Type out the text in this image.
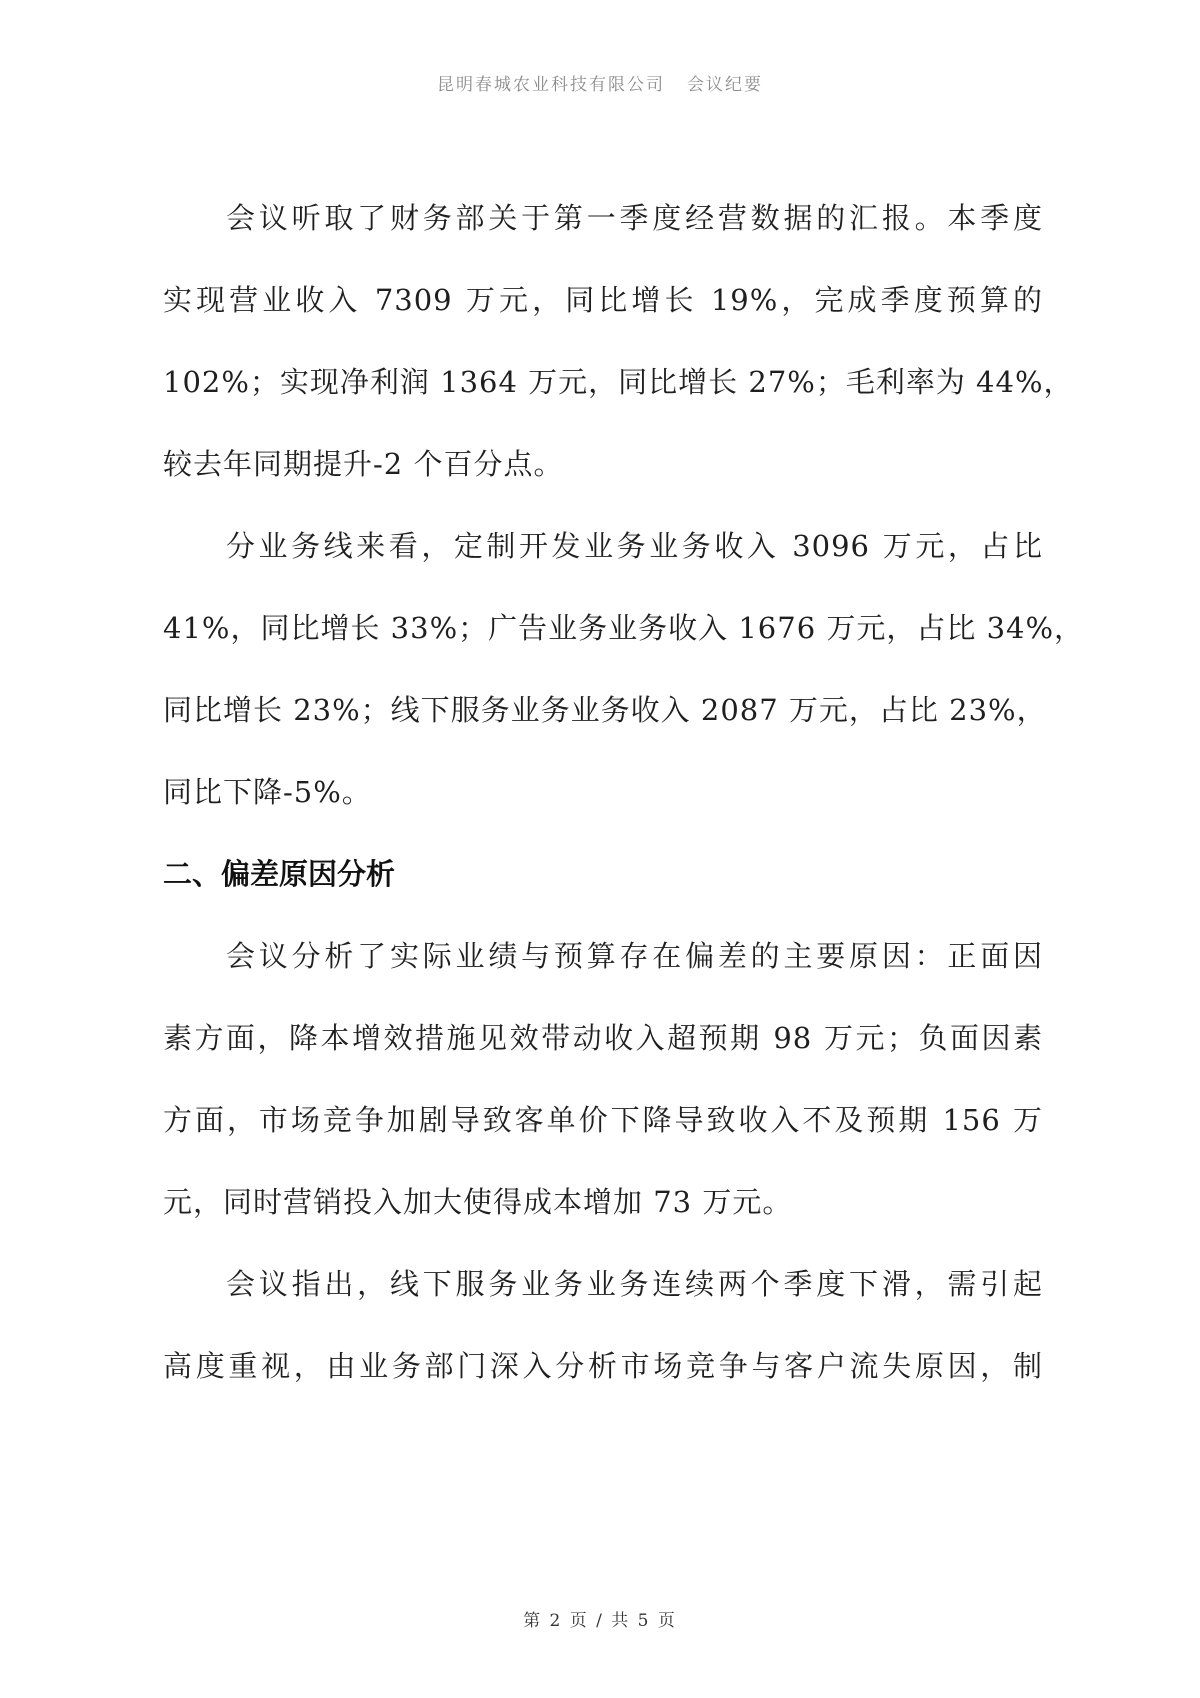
昆明春城农业科技有限公司 会议纪要
会议听取了财务部关于第一季度经营数据的汇报。本季度
实现营业收入 7309 万元，同比增长 19%，完成季度预算的
102%；实现净利润 1364 万元，同比增长 27%；毛利率为 44%，
较去年同期提升-2 个百分点。
分业务线来看，定制开发业务业务收入 3096 万元，占比
41%，同比增长 33%；广告业务业务收入 1676 万元，占比 34%，
同比增长 23%；线下服务业务业务收入 2087 万元，占比 23%，
同比下降-5%。
二、偏差原因分析
会议分析了实际业绩与预算存在偏差的主要原因：正面因
素方面，降本增效措施见效带动收入超预期 98 万元；负面因素
方面，市场竞争加剧导致客单价下降导致收入不及预期 156 万
元，同时营销投入加大使得成本增加 73 万元。
会议指出，线下服务业务业务连续两个季度下滑，需引起
高度重视，由业务部门深入分析市场竞争与客户流失原因，制
第 2 页 / 共 5 页
